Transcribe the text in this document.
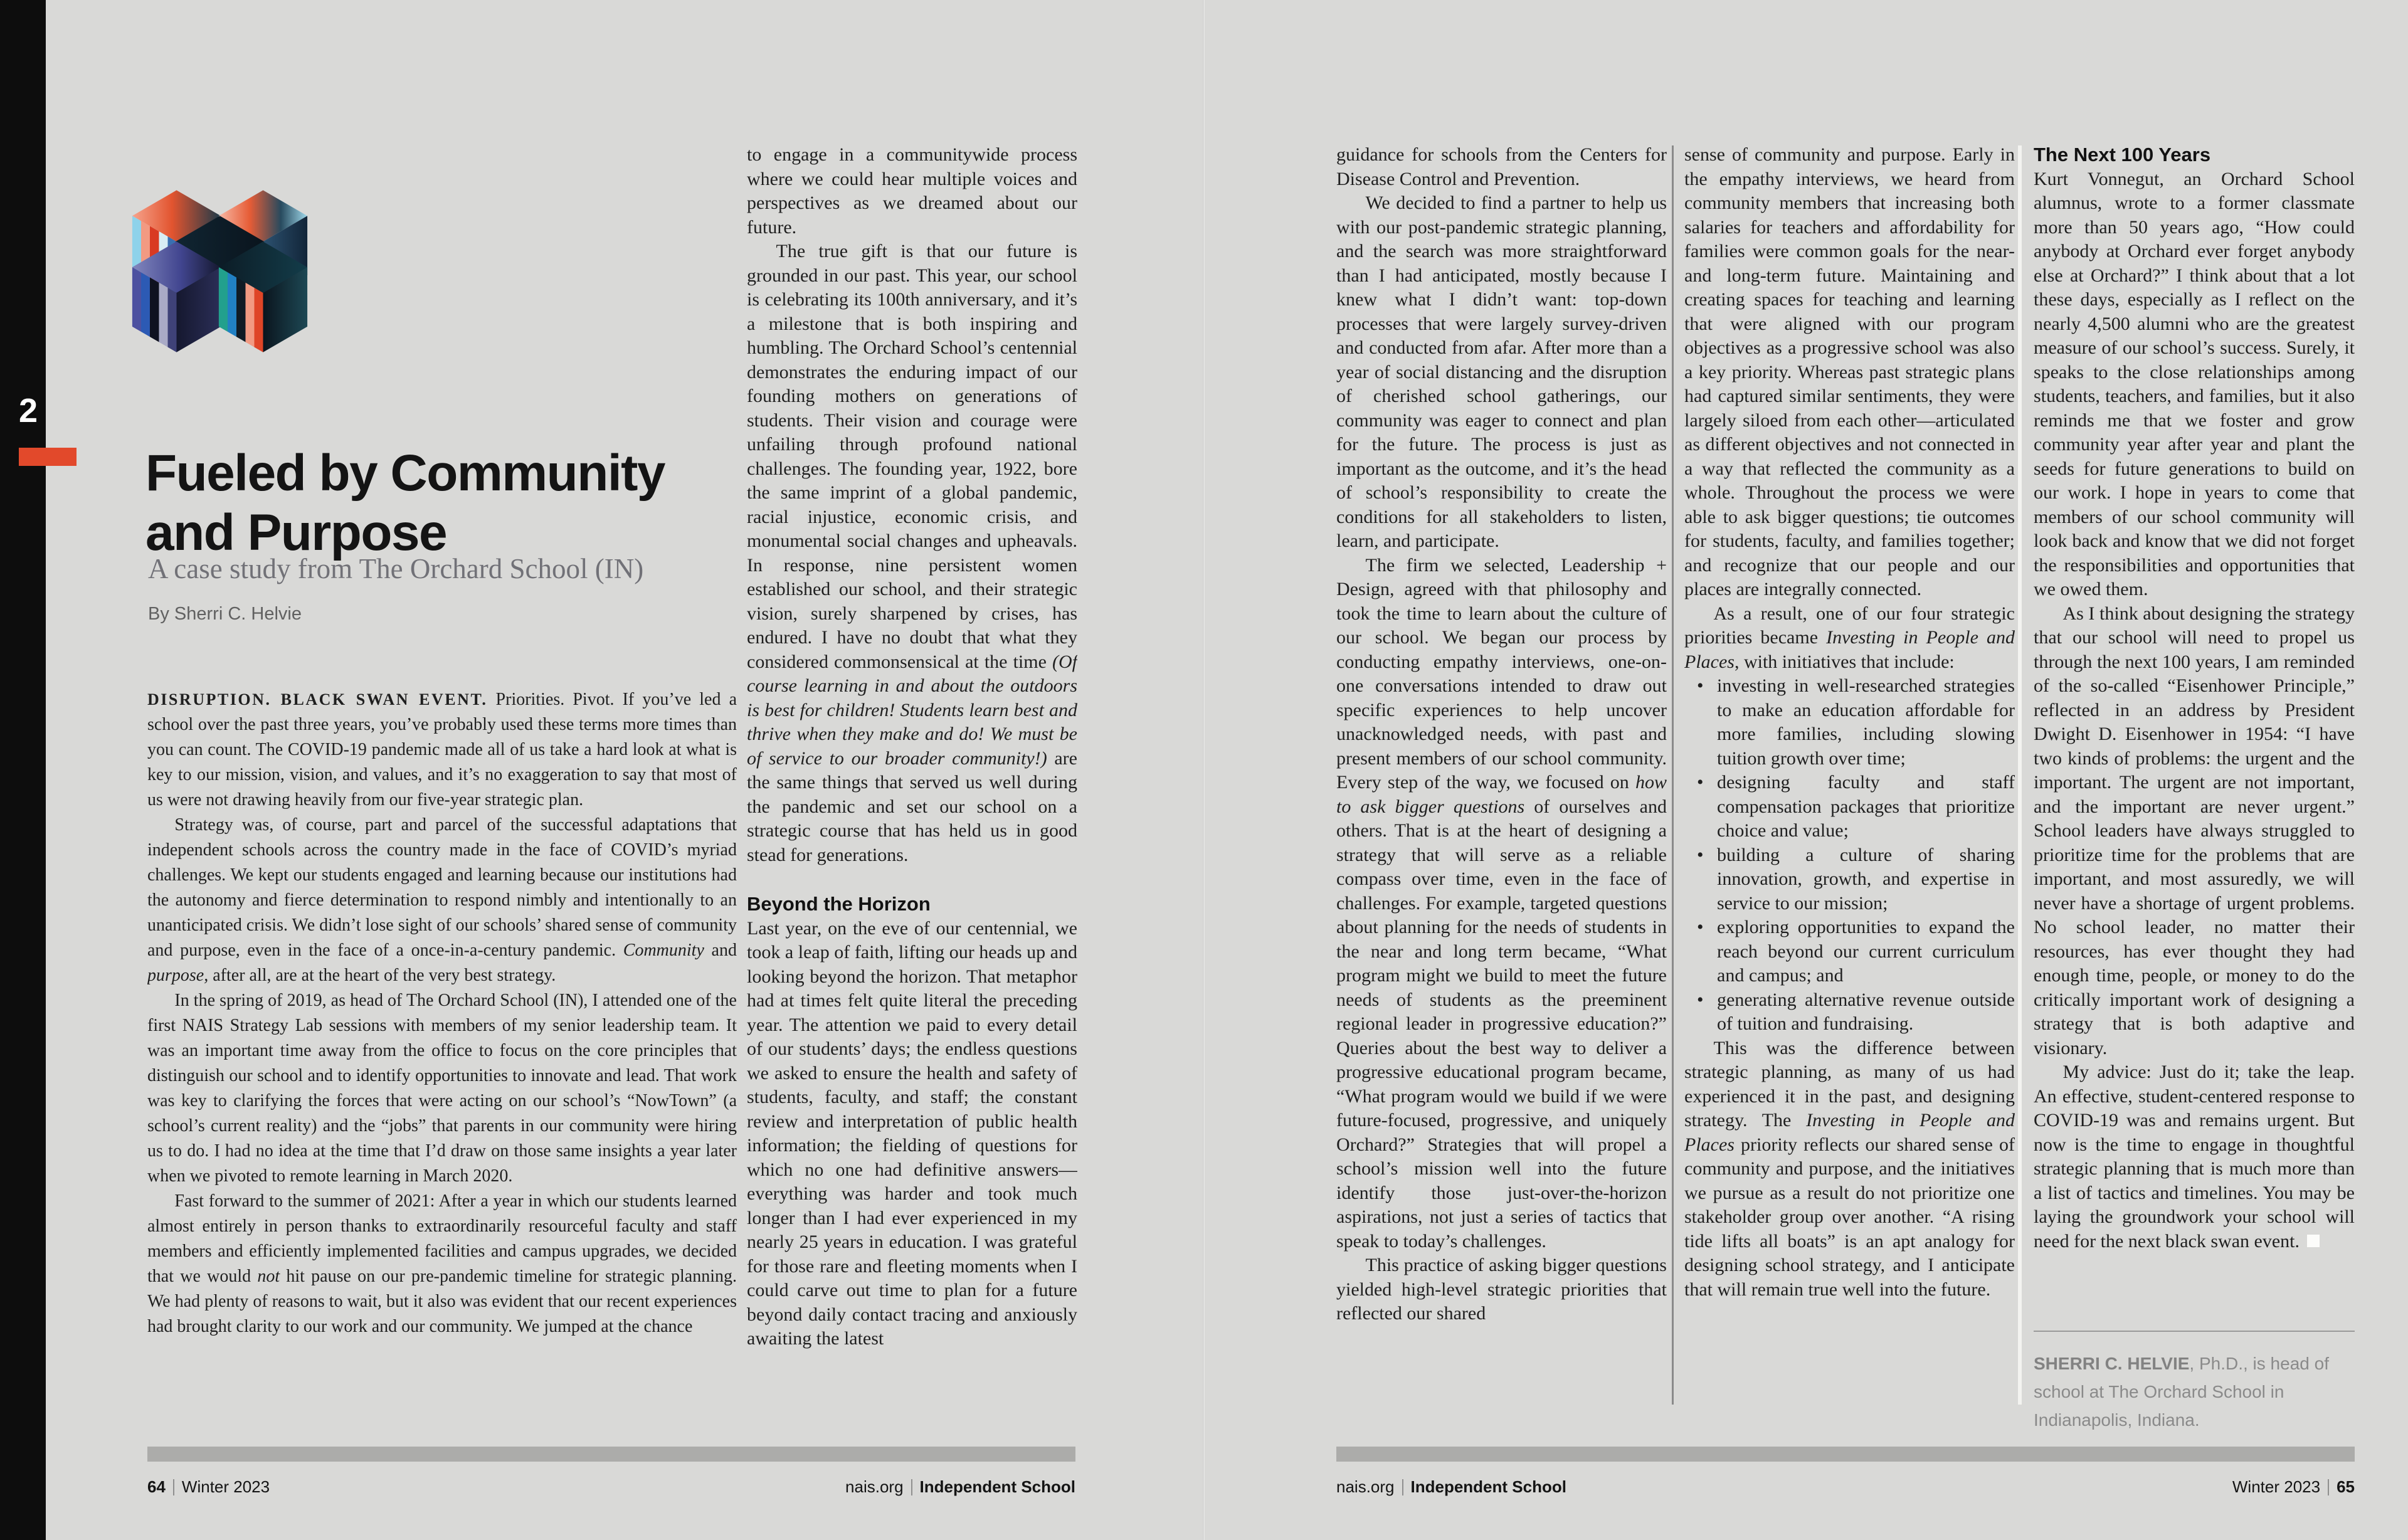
2
Fueled by Community
and Purpose
A case study from The Orchard School (IN)
By Sherri C. Helvie

DISRUPTION. BLACK SWAN EVENT. Priorities. Pivot. If you’ve led a school over the past three years, you’ve probably used these terms more times than you can count. The COVID-19 pandemic made all of us take a hard look at what is key to our mission, vision, and values, and it’s no exaggeration to say that most of us were not drawing heavily from our five-year strategic plan.

Strategy was, of course, part and parcel of the successful adaptations that independent schools across the country made in the face of COVID’s myriad challenges. We kept our students engaged and learning because our institutions had the autonomy and fierce determination to respond nimbly and intentionally to an unanticipated crisis. We didn’t lose sight of our schools’ shared sense of community and purpose, even in the face of a once-in-a-century pandemic. Community and purpose, after all, are at the heart of the very best strategy.

In the spring of 2019, as head of The Orchard School (IN), I attended one of the first NAIS Strategy Lab sessions with members of my senior leadership team. It was an important time away from the office to focus on the core principles that distinguish our school and to identify opportunities to innovate and lead. That work was key to clarifying the forces that were acting on our school’s “NowTown” (a school’s current reality) and the “jobs” that parents in our community were hiring us to do. I had no idea at the time that I’d draw on those same insights a year later when we pivoted to remote learning in March 2020.

Fast forward to the summer of 2021: After a year in which our students learned almost entirely in person thanks to extraordinarily resourceful faculty and staff members and efficiently implemented facilities and campus upgrades, we decided that we would not hit pause on our pre-pandemic timeline for strategic planning. We had plenty of reasons to wait, but it also was evident that our recent experiences had brought clarity to our work and our community. We jumped at the chance

to engage in a communitywide process where we could hear multiple voices and perspectives as we dreamed about our future.

The true gift is that our future is grounded in our past. This year, our school is celebrating its 100th anniversary, and it’s a milestone that is both inspiring and humbling. The Orchard School’s centennial demonstrates the enduring impact of our founding mothers on generations of students. Their vision and courage were unfailing through profound national challenges. The founding year, 1922, bore the same imprint of a global pandemic, racial injustice, economic crisis, and monumental social changes and upheavals. In response, nine persistent women established our school, and their strategic vision, surely sharpened by crises, has endured. I have no doubt that what they considered commonsensical at the time (Of course learning in and about the outdoors is best for children! Students learn best and thrive when they make and do! We must be of service to our broader community!) are the same things that served us well during the pandemic and set our school on a strategic course that has held us in good stead for generations.

Beyond the Horizon

Last year, on the eve of our centennial, we took a leap of faith, lifting our heads up and looking beyond the horizon. That metaphor had at times felt quite literal the preceding year. The attention we paid to every detail of our students’ days; the endless questions we asked to ensure the health and safety of students, faculty, and staff; the constant review and interpretation of public health information; the fielding of questions for which no one had definitive answers—everything was harder and took much longer than I had ever experienced in my nearly 25 years in education. I was grateful for those rare and fleeting moments when I could carve out time to plan for a future beyond daily contact tracing and anxiously awaiting the latest

guidance for schools from the Centers for Disease Control and Prevention.

We decided to find a partner to help us with our post-pandemic strategic planning, and the search was more straightforward than I had anticipated, mostly because I knew what I didn’t want: top-down processes that were largely survey-driven and conducted from afar. After more than a year of social distancing and the disruption of cherished school gatherings, our community was eager to connect and plan for the future. The process is just as important as the outcome, and it’s the head of school’s responsibility to create the conditions for all stakeholders to listen, learn, and participate.

The firm we selected, Leadership + Design, agreed with that philosophy and took the time to learn about the culture of our school. We began our process by conducting empathy interviews, one-on-one conversations intended to draw out specific experiences to help uncover unacknowledged needs, with past and present members of our school community. Every step of the way, we focused on how to ask bigger questions of ourselves and others. That is at the heart of designing a strategy that will serve as a reliable compass over time, even in the face of challenges. For example, targeted questions about planning for the needs of students in the near and long term became, “What program might we build to meet the future needs of students as the preeminent regional leader in progressive education?” Queries about the best way to deliver a progressive educational program became, “What program would we build if we were future-focused, progressive, and uniquely Orchard?” Strategies that will propel a school’s mission well into the future identify those just-over-the-horizon aspirations, not just a series of tactics that speak to today’s challenges.

This practice of asking bigger questions yielded high-level strategic priorities that reflected our shared

sense of community and purpose. Early in the empathy interviews, we heard from community members that increasing both salaries for teachers and affordability for families were common goals for the near- and long-term future. Maintaining and creating spaces for teaching and learning that were aligned with our program objectives as a progressive school was also a key priority. Whereas past strategic plans had captured similar sentiments, they were largely siloed from each other—articulated as different objectives and not connected in a way that reflected the community as a whole. Throughout the process we were able to ask bigger questions; tie outcomes for students, faculty, and families together; and recognize that our people and our places are integrally connected.

As a result, one of our four strategic priorities became Investing in People and Places, with initiatives that include:

• investing in well-researched strategies to make an education affordable for more families, including slowing tuition growth over time;

• designing faculty and staff compensation packages that prioritize choice and value;

• building a culture of sharing innovation, growth, and expertise in service to our mission;

• exploring opportunities to expand the reach beyond our current curriculum and campus; and

• generating alternative revenue outside of tuition and fundraising.

This was the difference between strategic planning, as many of us had experienced it in the past, and designing strategy. The Investing in People and Places priority reflects our shared sense of community and purpose, and the initiatives we pursue as a result do not prioritize one stakeholder group over another. “A rising tide lifts all boats” is an apt analogy for designing school strategy, and I anticipate that will remain true well into the future.

The Next 100 Years

Kurt Vonnegut, an Orchard School alumnus, wrote to a former classmate more than 50 years ago, “How could anybody at Orchard ever forget anybody else at Orchard?” I think about that a lot these days, especially as I reflect on the nearly 4,500 alumni who are the greatest measure of our school’s success. Surely, it speaks to the close relationships among students, teachers, and families, but it also reminds me that we foster and grow community year after year and plant the seeds for future generations to build on our work. I hope in years to come that members of our school community will look back and know that we did not forget the responsibilities and opportunities that we owed them.

As I think about designing the strategy that our school will need to propel us through the next 100 years, I am reminded of the so-called “Eisenhower Principle,” reflected in an address by President Dwight D. Eisenhower in 1954: “I have two kinds of problems: the urgent and the important. The urgent are not important, and the important are never urgent.” School leaders have always struggled to prioritize time for the problems that are important, and most assuredly, we will never have a shortage of urgent problems. No school leader, no matter their resources, has ever thought they had enough time, people, or money to do the critically important work of designing a strategy that is both adaptive and visionary.

My advice: Just do it; take the leap. An effective, student-centered response to COVID-19 was and remains urgent. But now is the time to engage in thoughtful strategic planning that is much more than a list of tactics and timelines. You may be laying the groundwork your school will need for the next black swan event.

SHERRI C. HELVIE, Ph.D., is head of school at The Orchard School in Indianapolis, Indiana.
64 Winter 2023	nais.org Independent School	nais.org Independent School	Winter 2023 65
